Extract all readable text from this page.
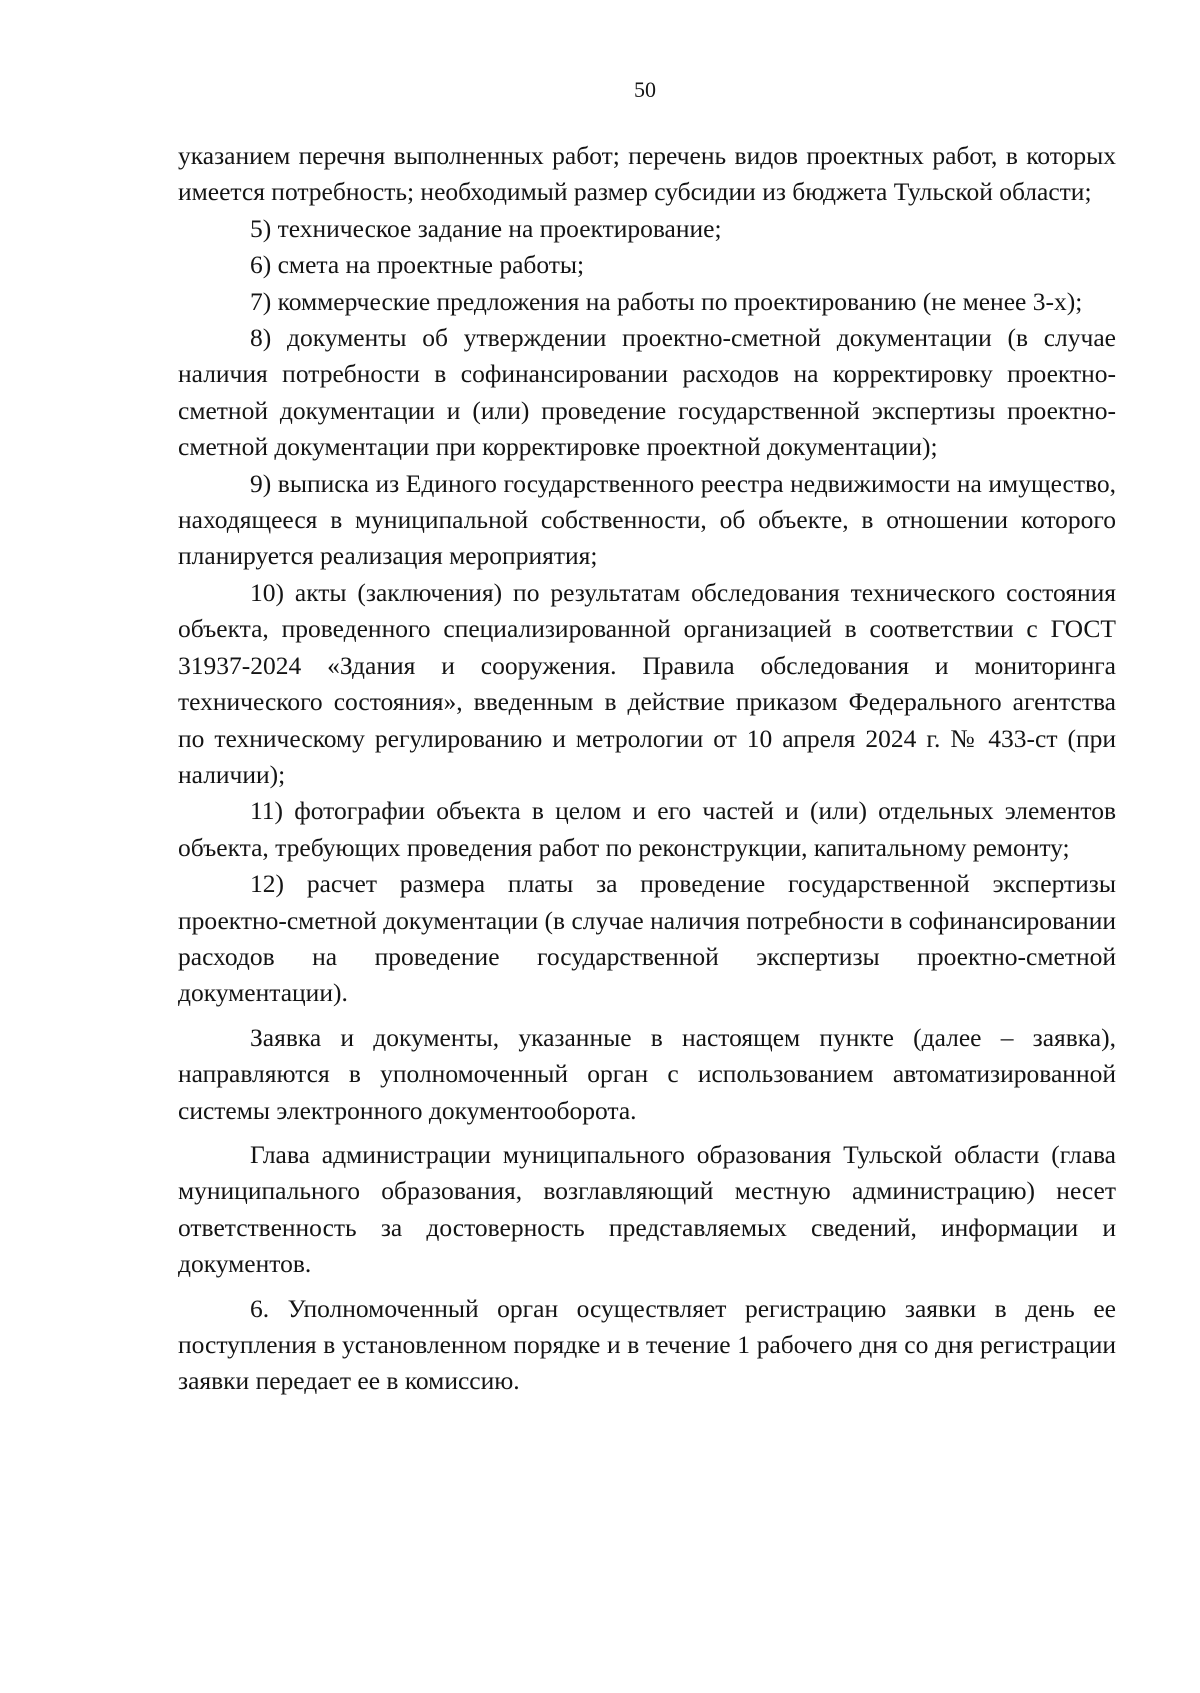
50

указанием перечня выполненных работ; перечень видов проектных работ, в которых имеется потребность; необходимый размер субсидии из бюджета Тульской области;

5) техническое задание на проектирование;

6) смета на проектные работы;

7) коммерческие предложения на работы по проектированию (не менее 3-х);

8) документы об утверждении проектно-сметной документации (в случае наличия потребности в софинансировании расходов на корректировку проектно-сметной документации и (или) проведение государственной экспертизы проектно-сметной документации при корректировке проектной документации);

9) выписка из Единого государственного реестра недвижимости на имущество, находящееся в муниципальной собственности, об объекте, в отношении которого планируется реализация мероприятия;

10) акты (заключения) по результатам обследования технического состояния объекта, проведенного специализированной организацией в соответствии с ГОСТ 31937-2024 «Здания и сооружения. Правила обследования и мониторинга технического состояния», введенным в действие приказом Федерального агентства по техническому регулированию и метрологии от 10 апреля 2024 г. № 433-ст (при наличии);

11) фотографии объекта в целом и его частей и (или) отдельных элементов объекта, требующих проведения работ по реконструкции, капитальному ремонту;

12) расчет размера платы за проведение государственной экспертизы проектно-сметной документации (в случае наличия потребности в софинансировании расходов на проведение государственной экспертизы проектно-сметной документации).

Заявка и документы, указанные в настоящем пункте (далее – заявка), направляются в уполномоченный орган с использованием автоматизированной системы электронного документооборота.

Глава администрации муниципального образования Тульской области (глава муниципального образования, возглавляющий местную администрацию) несет ответственность за достоверность представляемых сведений, информации и документов.

6. Уполномоченный орган осуществляет регистрацию заявки в день ее поступления в установленном порядке и в течение 1 рабочего дня со дня регистрации заявки передает ее в комиссию.
